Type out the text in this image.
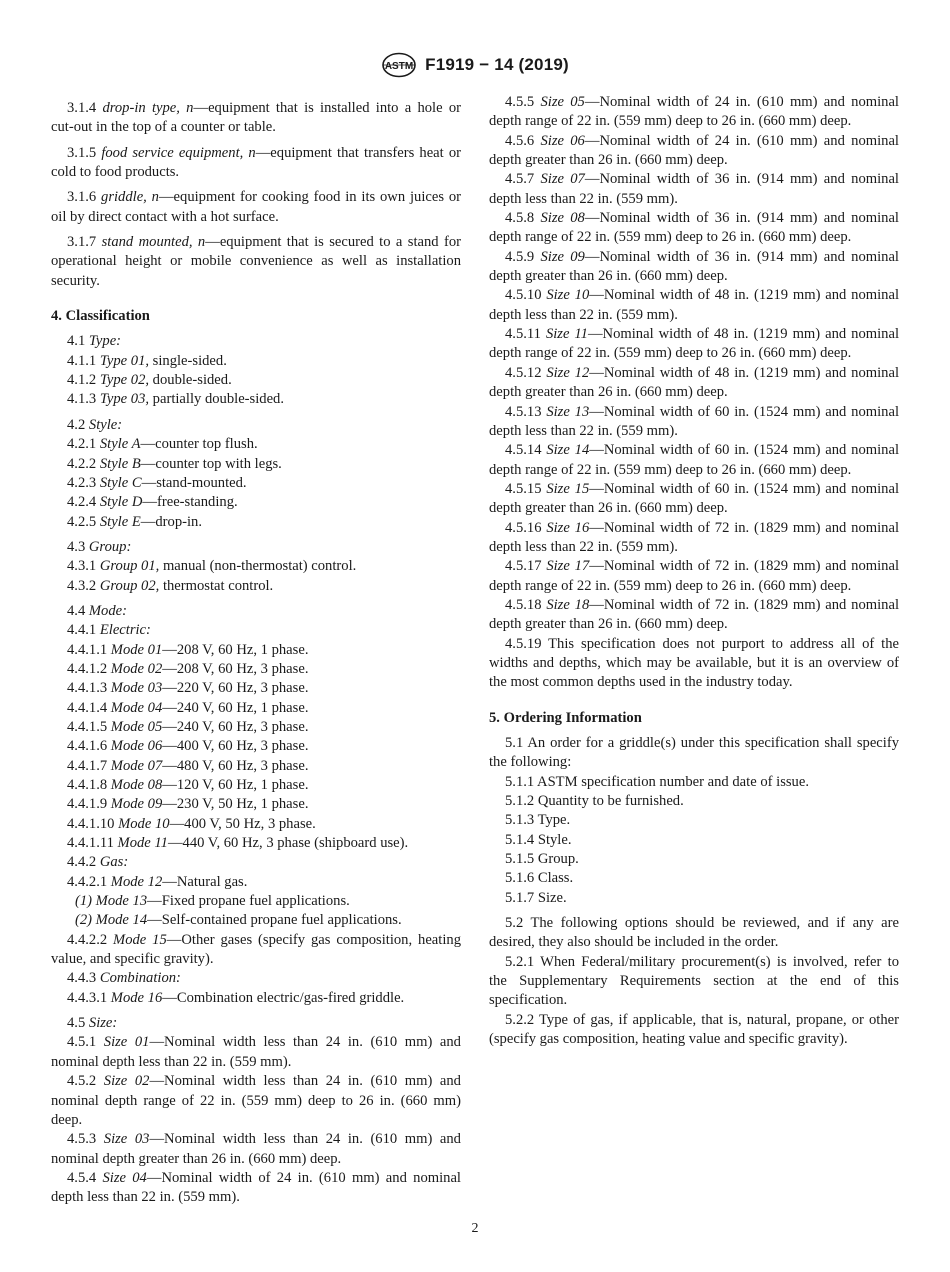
ASTM F1919 − 14 (2019)
3.1.4 drop-in type, n—equipment that is installed into a hole or cut-out in the top of a counter or table.
3.1.5 food service equipment, n—equipment that transfers heat or cold to food products.
3.1.6 griddle, n—equipment for cooking food in its own juices or oil by direct contact with a hot surface.
3.1.7 stand mounted, n—equipment that is secured to a stand for operational height or mobile convenience as well as installation security.
4. Classification
4.1 Type:
4.1.1 Type 01, single-sided.
4.1.2 Type 02, double-sided.
4.1.3 Type 03, partially double-sided.
4.2 Style:
4.2.1 Style A—counter top flush.
4.2.2 Style B—counter top with legs.
4.2.3 Style C—stand-mounted.
4.2.4 Style D—free-standing.
4.2.5 Style E—drop-in.
4.3 Group:
4.3.1 Group 01, manual (non-thermostat) control.
4.3.2 Group 02, thermostat control.
4.4 Mode:
4.4.1 Electric:
4.4.1.1 Mode 01—208 V, 60 Hz, 1 phase.
4.4.1.2 Mode 02—208 V, 60 Hz, 3 phase.
4.4.1.3 Mode 03—220 V, 60 Hz, 3 phase.
4.4.1.4 Mode 04—240 V, 60 Hz, 1 phase.
4.4.1.5 Mode 05—240 V, 60 Hz, 3 phase.
4.4.1.6 Mode 06—400 V, 60 Hz, 3 phase.
4.4.1.7 Mode 07—480 V, 60 Hz, 3 phase.
4.4.1.8 Mode 08—120 V, 60 Hz, 1 phase.
4.4.1.9 Mode 09—230 V, 50 Hz, 1 phase.
4.4.1.10 Mode 10—400 V, 50 Hz, 3 phase.
4.4.1.11 Mode 11—440 V, 60 Hz, 3 phase (shipboard use).
4.4.2 Gas:
4.4.2.1 Mode 12—Natural gas.
(1) Mode 13—Fixed propane fuel applications.
(2) Mode 14—Self-contained propane fuel applications.
4.4.2.2 Mode 15—Other gases (specify gas composition, heating value, and specific gravity).
4.4.3 Combination:
4.4.3.1 Mode 16—Combination electric/gas-fired griddle.
4.5 Size:
4.5.1 Size 01—Nominal width less than 24 in. (610 mm) and nominal depth less than 22 in. (559 mm).
4.5.2 Size 02—Nominal width less than 24 in. (610 mm) and nominal depth range of 22 in. (559 mm) deep to 26 in. (660 mm) deep.
4.5.3 Size 03—Nominal width less than 24 in. (610 mm) and nominal depth greater than 26 in. (660 mm) deep.
4.5.4 Size 04—Nominal width of 24 in. (610 mm) and nominal depth less than 22 in. (559 mm).
4.5.5 Size 05—Nominal width of 24 in. (610 mm) and nominal depth range of 22 in. (559 mm) deep to 26 in. (660 mm) deep.
4.5.6 Size 06—Nominal width of 24 in. (610 mm) and nominal depth greater than 26 in. (660 mm) deep.
4.5.7 Size 07—Nominal width of 36 in. (914 mm) and nominal depth less than 22 in. (559 mm).
4.5.8 Size 08—Nominal width of 36 in. (914 mm) and nominal depth range of 22 in. (559 mm) deep to 26 in. (660 mm) deep.
4.5.9 Size 09—Nominal width of 36 in. (914 mm) and nominal depth greater than 26 in. (660 mm) deep.
4.5.10 Size 10—Nominal width of 48 in. (1219 mm) and nominal depth less than 22 in. (559 mm).
4.5.11 Size 11—Nominal width of 48 in. (1219 mm) and nominal depth range of 22 in. (559 mm) deep to 26 in. (660 mm) deep.
4.5.12 Size 12—Nominal width of 48 in. (1219 mm) and nominal depth greater than 26 in. (660 mm) deep.
4.5.13 Size 13—Nominal width of 60 in. (1524 mm) and nominal depth less than 22 in. (559 mm).
4.5.14 Size 14—Nominal width of 60 in. (1524 mm) and nominal depth range of 22 in. (559 mm) deep to 26 in. (660 mm) deep.
4.5.15 Size 15—Nominal width of 60 in. (1524 mm) and nominal depth greater than 26 in. (660 mm) deep.
4.5.16 Size 16—Nominal width of 72 in. (1829 mm) and nominal depth less than 22 in. (559 mm).
4.5.17 Size 17—Nominal width of 72 in. (1829 mm) and nominal depth range of 22 in. (559 mm) deep to 26 in. (660 mm) deep.
4.5.18 Size 18—Nominal width of 72 in. (1829 mm) and nominal depth greater than 26 in. (660 mm) deep.
4.5.19 This specification does not purport to address all of the widths and depths, which may be available, but it is an overview of the most common depths used in the industry today.
5. Ordering Information
5.1 An order for a griddle(s) under this specification shall specify the following:
5.1.1 ASTM specification number and date of issue.
5.1.2 Quantity to be furnished.
5.1.3 Type.
5.1.4 Style.
5.1.5 Group.
5.1.6 Class.
5.1.7 Size.
5.2 The following options should be reviewed, and if any are desired, they also should be included in the order.
5.2.1 When Federal/military procurement(s) is involved, refer to the Supplementary Requirements section at the end of this specification.
5.2.2 Type of gas, if applicable, that is, natural, propane, or other (specify gas composition, heating value and specific gravity).
2
